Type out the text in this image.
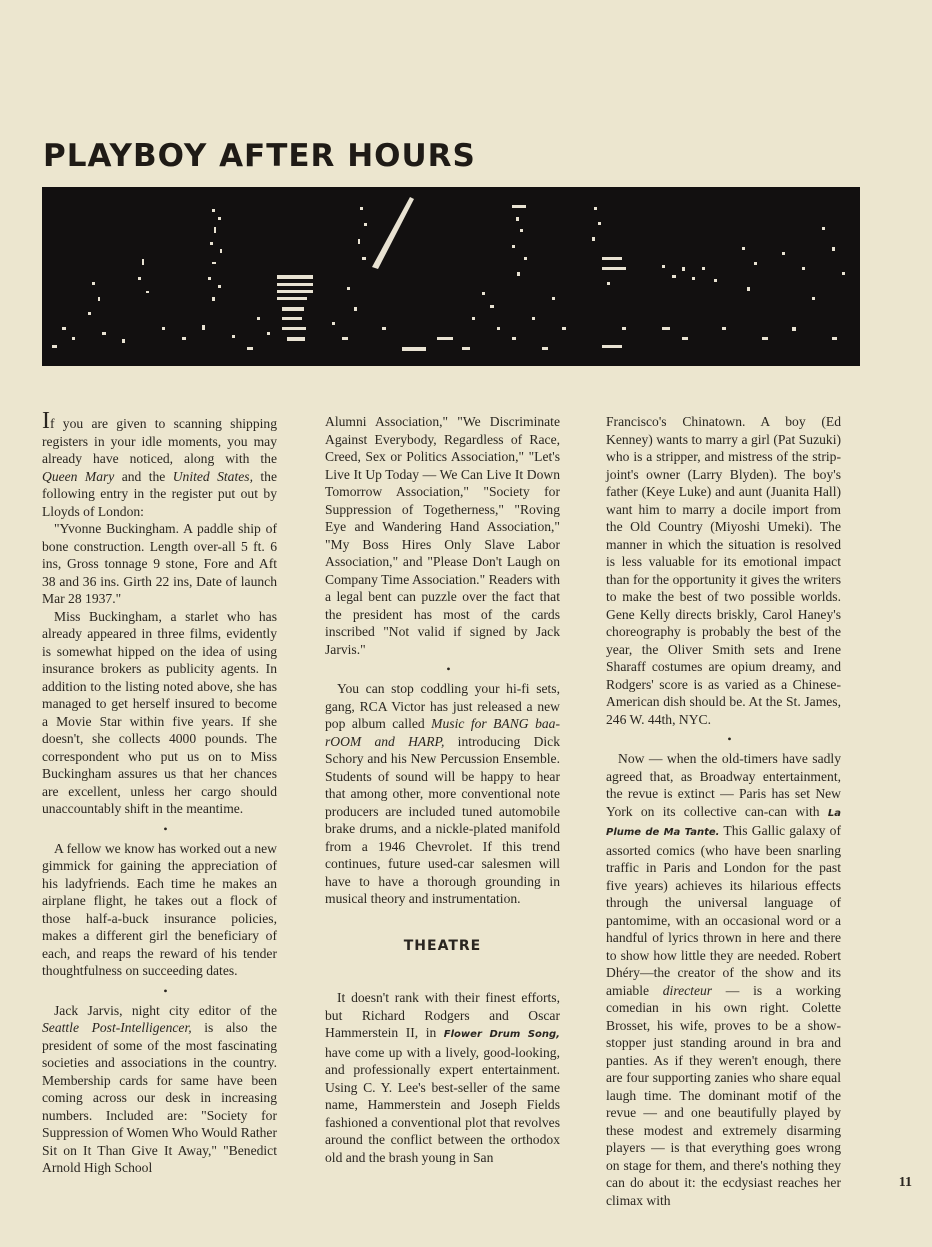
PLAYBOY AFTER HOURS

If you are given to scanning shipping registers in your idle moments, you may already have noticed, along with the Queen Mary and the United States, the following entry in the register put out by Lloyds of London:

"Yvonne Buckingham. A paddle ship of bone construction. Length over-all 5 ft. 6 ins, Gross tonnage 9 stone, Fore and Aft 38 and 36 ins. Girth 22 ins, Date of launch Mar 28 1937."

Miss Buckingham, a starlet who has already appeared in three films, evidently is somewhat hipped on the idea of using insurance brokers as publicity agents. In addition to the listing noted above, she has managed to get herself insured to become a Movie Star within five years. If she doesn't, she collects 4000 pounds. The correspondent who put us on to Miss Buckingham assures us that her chances are excellent, unless her cargo should unaccountably shift in the meantime.

•

A fellow we know has worked out a new gimmick for gaining the appreciation of his ladyfriends. Each time he makes an airplane flight, he takes out a flock of those half-a-buck insurance policies, makes a different girl the beneficiary of each, and reaps the reward of his tender thoughtfulness on succeeding dates.

•

Jack Jarvis, night city editor of the Seattle Post-Intelligencer, is also the president of some of the most fascinating societies and associations in the country. Membership cards for same have been coming across our desk in increasing numbers. Included are: "Society for Suppression of Women Who Would Rather Sit on It Than Give It Away," "Benedict Arnold High School

Alumni Association," "We Discriminate Against Everybody, Regardless of Race, Creed, Sex or Politics Association," "Let's Live It Up Today — We Can Live It Down Tomorrow Association," "Society for Suppression of Togetherness," "Roving Eye and Wandering Hand Association," "My Boss Hires Only Slave Labor Association," and "Please Don't Laugh on Company Time Association." Readers with a legal bent can puzzle over the fact that the president has most of the cards inscribed "Not valid if signed by Jack Jarvis."

•

You can stop coddling your hi-fi sets, gang, RCA Victor has just released a new pop album called Music for BANG baa-rOOM and HARP, introducing Dick Schory and his New Percussion Ensemble. Students of sound will be happy to hear that among other, more conventional note producers are included tuned automobile brake drums, and a nickle-plated manifold from a 1946 Chevrolet. If this trend continues, future used-car salesmen will have to have a thorough grounding in musical theory and instrumentation.

THEATRE

It doesn't rank with their finest efforts, but Richard Rodgers and Oscar Hammerstein II, in Flower Drum Song, have come up with a lively, good-looking, and professionally expert entertainment. Using C. Y. Lee's best-seller of the same name, Hammerstein and Joseph Fields fashioned a conventional plot that revolves around the conflict between the orthodox old and the brash young in San

Francisco's Chinatown. A boy (Ed Kenney) wants to marry a girl (Pat Suzuki) who is a stripper, and mistress of the strip-joint's owner (Larry Blyden). The boy's father (Keye Luke) and aunt (Juanita Hall) want him to marry a docile import from the Old Country (Miyoshi Umeki). The manner in which the situation is resolved is less valuable for its emotional impact than for the opportunity it gives the writers to make the best of two possible worlds. Gene Kelly directs briskly, Carol Haney's choreography is probably the best of the year, the Oliver Smith sets and Irene Sharaff costumes are opium dreamy, and Rodgers' score is as varied as a Chinese-American dish should be. At the St. James, 246 W. 44th, NYC.

•

Now — when the old-timers have sadly agreed that, as Broadway entertainment, the revue is extinct — Paris has set New York on its collective can-can with La Plume de Ma Tante. This Gallic galaxy of assorted comics (who have been snarling traffic in Paris and London for the past five years) achieves its hilarious effects through the universal language of pantomime, with an occasional word or a handful of lyrics thrown in here and there to show how little they are needed. Robert Dhéry—the creator of the show and its amiable directeur — is a working comedian in his own right. Colette Brosset, his wife, proves to be a show-stopper just standing around in bra and panties. As if they weren't enough, there are four supporting zanies who share equal laugh time. The dominant motif of the revue — and one beautifully played by these modest and extremely disarming players — is that everything goes wrong on stage for them, and there's nothing they can do about it: the ecdysiast reaches her climax with

11
